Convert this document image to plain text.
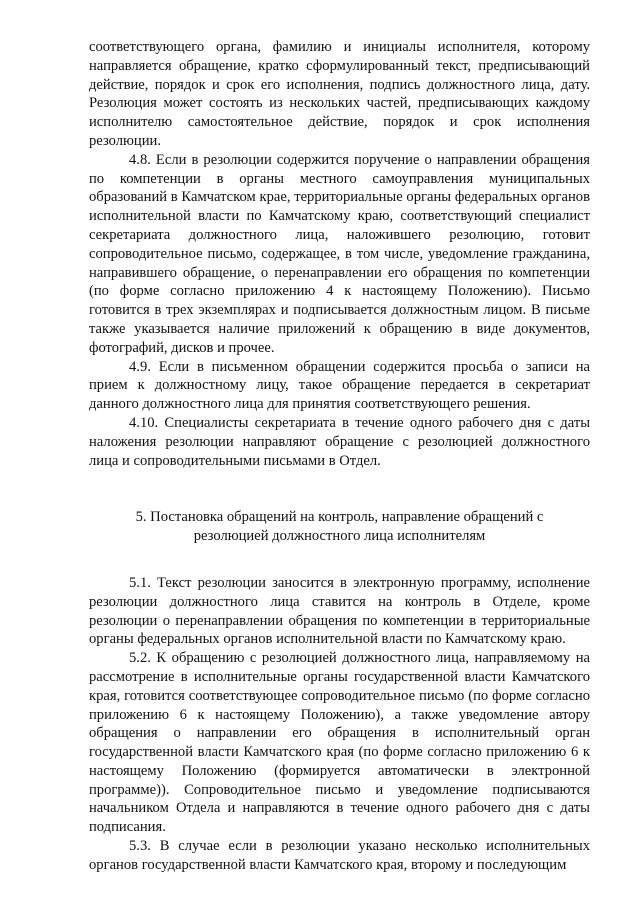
соответствующего органа, фамилию и инициалы исполнителя, которому направляется обращение, кратко сформулированный текст, предписывающий действие, порядок и срок его исполнения, подпись должностного лица, дату. Резолюция может состоять из нескольких частей, предписывающих каждому исполнителю самостоятельное действие, порядок и срок исполнения резолюции.

4.8. Если в резолюции содержится поручение о направлении обращения по компетенции в органы местного самоуправления муниципальных образований в Камчатском крае, территориальные органы федеральных органов исполнительной власти по Камчатскому краю, соответствующий специалист секретариата должностного лица, наложившего резолюцию, готовит сопроводительное письмо, содержащее, в том числе, уведомление гражданина, направившего обращение, о перенаправлении его обращения по компетенции (по форме согласно приложению 4 к настоящему Положению). Письмо готовится в трех экземплярах и подписывается должностным лицом. В письме также указывается наличие приложений к обращению в виде документов, фотографий, дисков и прочее.

4.9. Если в письменном обращении содержится просьба о записи на прием к должностному лицу, такое обращение передается в секретариат данного должностного лица для принятия соответствующего решения.

4.10. Специалисты секретариата в течение одного рабочего дня с даты наложения резолюции направляют обращение с резолюцией должностного лица и сопроводительными письмами в Отдел.

5. Постановка обращений на контроль, направление обращений с
резолюцией должностного лица исполнителям

5.1. Текст резолюции заносится в электронную программу, исполнение резолюции должностного лица ставится на контроль в Отделе, кроме резолюции о перенаправлении обращения по компетенции в территориальные органы федеральных органов исполнительной власти по Камчатскому краю.

5.2. К обращению с резолюцией должностного лица, направляемому на рассмотрение в исполнительные органы государственной власти Камчатского края, готовится соответствующее сопроводительное письмо (по форме согласно приложению 6 к настоящему Положению), а также уведомление автору обращения о направлении его обращения в исполнительный орган государственной власти Камчатского края (по форме согласно приложению 6 к настоящему Положению (формируется автоматически в электронной программе)). Сопроводительное письмо и уведомление подписываются начальником Отдела и направляются в течение одного рабочего дня с даты подписания.

5.3. В случае если в резолюции указано несколько исполнительных органов государственной власти Камчатского края, второму и последующим
